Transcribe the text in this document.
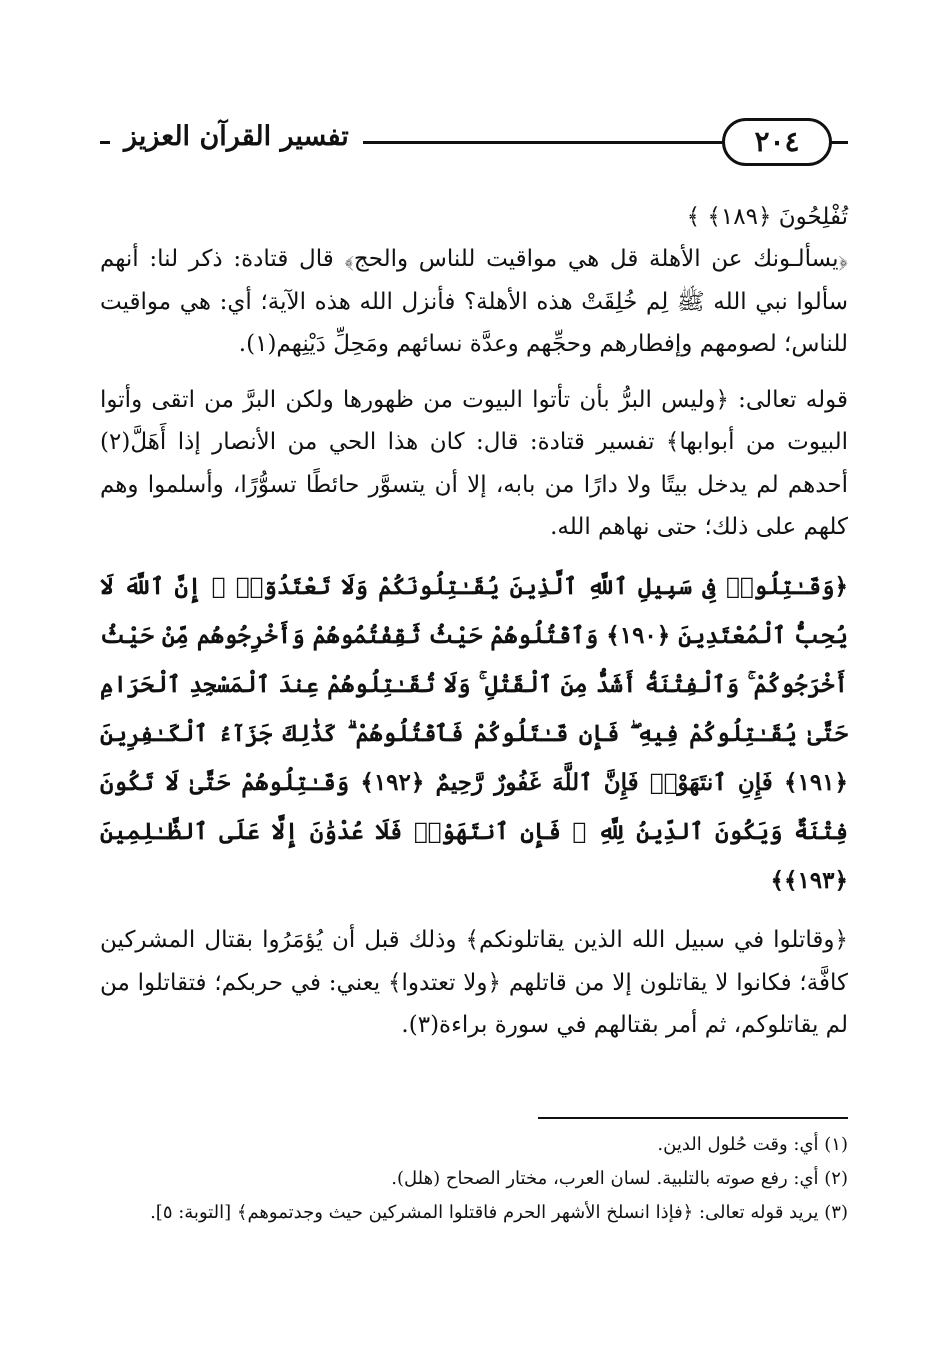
تفسير القرآن العزيز	٢٠٤

تُفْلِحُونَ ﴿١٨٩﴾ ﴾

﴿يسألـونك عن الأهلة قل هي مواقيت للناس والحج﴾ قال قتادة: ذكر لنا: أنهم سألوا نبي الله ﷺ لِم خُلِقَتْ هذه الأهلة؟ فأنزل الله هذه الآية؛ أي: هي مواقيت للناس؛ لصومهم وإفطارهم وحجِّهم وعدَّة نسائهم ومَحِلِّ دَيْنِهم(١).

قوله تعالى: ﴿وليس البرُّ بأن تأتوا البيوت من ظهورها ولكن البرَّ من اتقى وأتوا البيوت من أبوابها﴾ تفسير قتادة: قال: كان هذا الحي من الأنصار إذا أَهَلَّ(٢) أحدهم لم يدخل بيتًا ولا دارًا من بابه، إلا أن يتسوَّر حائطًا تسوُّرًا، وأسلموا وهم كلهم على ذلك؛ حتى نهاهم الله.

﴿وَقَـٰتِلُوا۟ فِى سَبِيلِ ٱللَّهِ ٱلَّذِينَ يُقَـٰتِلُونَكُمْ وَلَا تَعْتَدُوٓا۟ ۚ إِنَّ ٱللَّهَ لَا يُحِبُّ ٱلْمُعْتَدِينَ ﴿١٩٠﴾ وَٱقْتُلُوهُمْ حَيْثُ ثَقِفْتُمُوهُمْ وَأَخْرِجُوهُم مِّنْ حَيْثُ أَخْرَجُوكُمْ ۚ وَٱلْفِتْنَةُ أَشَدُّ مِنَ ٱلْقَتْلِ ۚ وَلَا تُقَـٰتِلُوهُمْ عِندَ ٱلْمَسْجِدِ ٱلْحَرَامِ حَتَّىٰ يُقَـٰتِلُوكُمْ فِيهِ ۖ فَإِن قَـٰتَلُوكُمْ فَٱقْتُلُوهُمْ ۗ كَذَٰلِكَ جَزَآءُ ٱلْكَـٰفِرِينَ ﴿١٩١﴾ فَإِنِ ٱنتَهَوْا۟ فَإِنَّ ٱللَّهَ غَفُورٌ رَّحِيمٌ ﴿١٩٢﴾ وَقَـٰتِلُوهُمْ حَتَّىٰ لَا تَكُونَ فِتْنَةٌ وَيَكُونَ ٱلدِّينُ لِلَّهِ ۖ فَإِنِ ٱنتَهَوْا۟ فَلَا عُدْوَٰنَ إِلَّا عَلَى ٱلظَّـٰلِمِينَ ﴿١٩٣﴾﴾

﴿وقاتلوا في سبيل الله الذين يقاتلونكم﴾ وذلك قبل أن يُؤمَرُوا بقتال المشركين كافَّة؛ فكانوا لا يقاتلون إلا من قاتلهم ﴿ولا تعتدوا﴾ يعني: في حربكم؛ فتقاتلوا من لم يقاتلوكم، ثم أمر بقتالهم في سورة براءة(٣).

(١) أي: وقت حُلول الدين.

(٢) أي: رفع صوته بالتلبية. لسان العرب، مختار الصحاح (هلل).

(٣) يريد قوله تعالى: ﴿فإذا انسلخ الأشهر الحرم فاقتلوا المشركين حيث وجدتموهم﴾ [التوبة: ٥].
